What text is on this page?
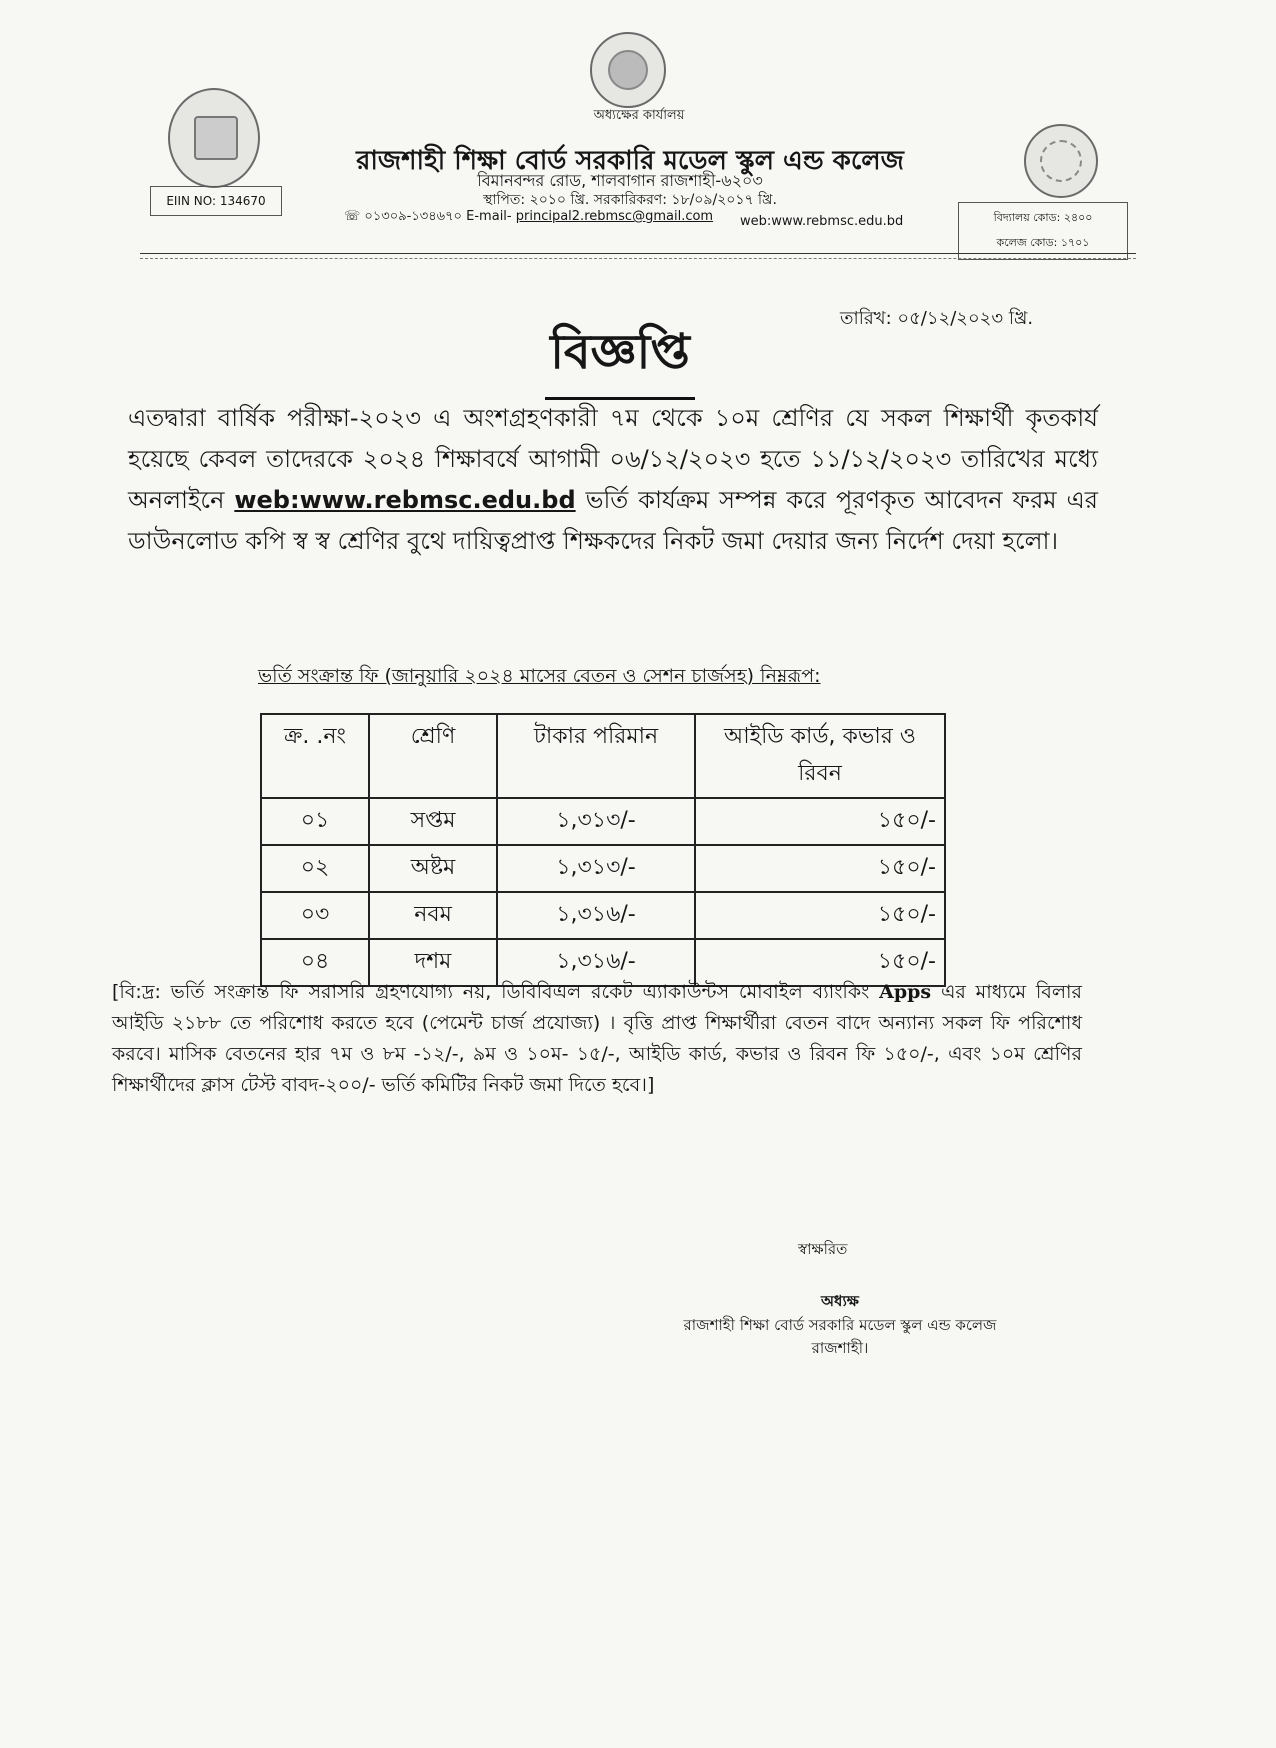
অধ্যক্ষের কার্যালয়
রাজশাহী শিক্ষা বোর্ড সরকারি মডেল স্কুল এন্ড কলেজ
বিমানবন্দর রোড, শালবাগান রাজশাহী-৬২০৩
স্থাপিত: ২০১০ খ্রি. সরকারিকরণ: ১৮/০৯/২০১৭ খ্রি.
☏ ০১৩০৯-১৩৪৬৭০ E-mail- principal2.rebmsc@gmail.com web:www.rebmsc.edu.bd
EIIN NO: 134670
বিদ্যালয় কোড: ২৪০০
কলেজ কোড: ১৭০১
তারিখ: ০৫/১২/২০২৩ খ্রি.
বিজ্ঞপ্তি
এতদ্বারা বার্ষিক পরীক্ষা-২০২৩ এ অংশগ্রহণকারী ৭ম থেকে ১০ম শ্রেণির যে সকল শিক্ষার্থী কৃতকার্য হয়েছে কেবল তাদেরকে ২০২৪ শিক্ষাবর্ষে আগামী ০৬/১২/২০২৩ হতে ১১/১২/২০২৩ তারিখের মধ্যে অনলাইনে web:www.rebmsc.edu.bd ভর্তি কার্যক্রম সম্পন্ন করে পূরণকৃত আবেদন ফরম এর ডাউনলোড কপি স্ব স্ব শ্রেণির বুথে দায়িত্বপ্রাপ্ত শিক্ষকদের নিকট জমা দেয়ার জন্য নির্দেশ দেয়া হলো।
ভর্তি সংক্রান্ত ফি (জানুয়ারি ২০২৪ মাসের বেতন ও সেশন চার্জসহ) নিম্নরূপ:
ক্র. .নং	শ্রেণি	টাকার পরিমান	আইডি কার্ড, কভার ও রিবন
০১	সপ্তম	১,৩১৩/-	১৫০/-
০২	অষ্টম	১,৩১৩/-	১৫০/-
০৩	নবম	১,৩১৬/-	১৫০/-
০৪	দশম	১,৩১৬/-	১৫০/-
[বি:দ্র: ভর্তি সংক্রান্ত ফি সরাসরি গ্রহণযোগ্য নয়, ডিবিবিএল রকেট এ্যাকাউন্টস মোবাইল ব্যাংকিং Apps এর মাধ্যমে বিলার আইডি ২১৮৮ তে পরিশোধ করতে হবে (পেমেন্ট চার্জ প্রযোজ্য) । বৃত্তি প্রাপ্ত শিক্ষার্থীরা বেতন বাদে অন্যান্য সকল ফি পরিশোধ করবে। মাসিক বেতনের হার ৭ম ও ৮ম -১২/-, ৯ম ও ১০ম- ১৫/-, আইডি কার্ড, কভার ও রিবন ফি ১৫০/-, এবং ১০ম শ্রেণির শিক্ষার্থীদের ক্লাস টেস্ট বাবদ-২০০/- ভর্তি কমিটির নিকট জমা দিতে হবে।]
স্বাক্ষরিত
অধ্যক্ষ
রাজশাহী শিক্ষা বোর্ড সরকারি মডেল স্কুল এন্ড কলেজ
রাজশাহী।
